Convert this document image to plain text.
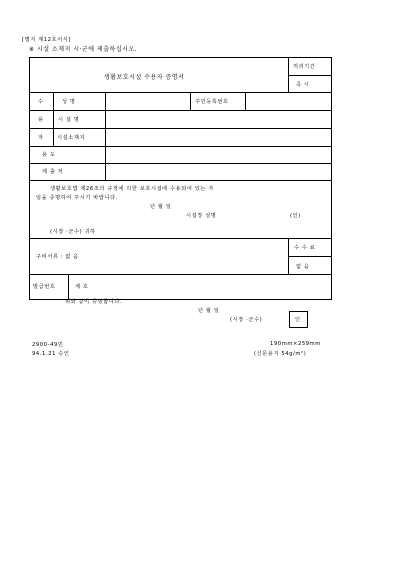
[별지 제12호서식]
※ 시설 소재지 시·군에 제출하십시오.
생활보호시설 수용자 증명서
처리기간
즉 시
수
용
자
성 명	주민등록번호
시 설 명
시설소재지
용 도
제 출 처
생활보호법 제26조의 규정에 의한 보호시설에 수용되어 있는 자
임을 증명하여 주시기 바랍니다.
년 월 일
시설장 성명	(인)
(시장 ·군수) 귀하
구비서류 : 없 음
수 수 료
없 음
발급번호	제 호
위와 같이 증명합니다.
년 월 일
(시장 ·군수)	인
2900-49민
94.1.21 승인
190mm×259mm
(신문용지 54g/m²)
